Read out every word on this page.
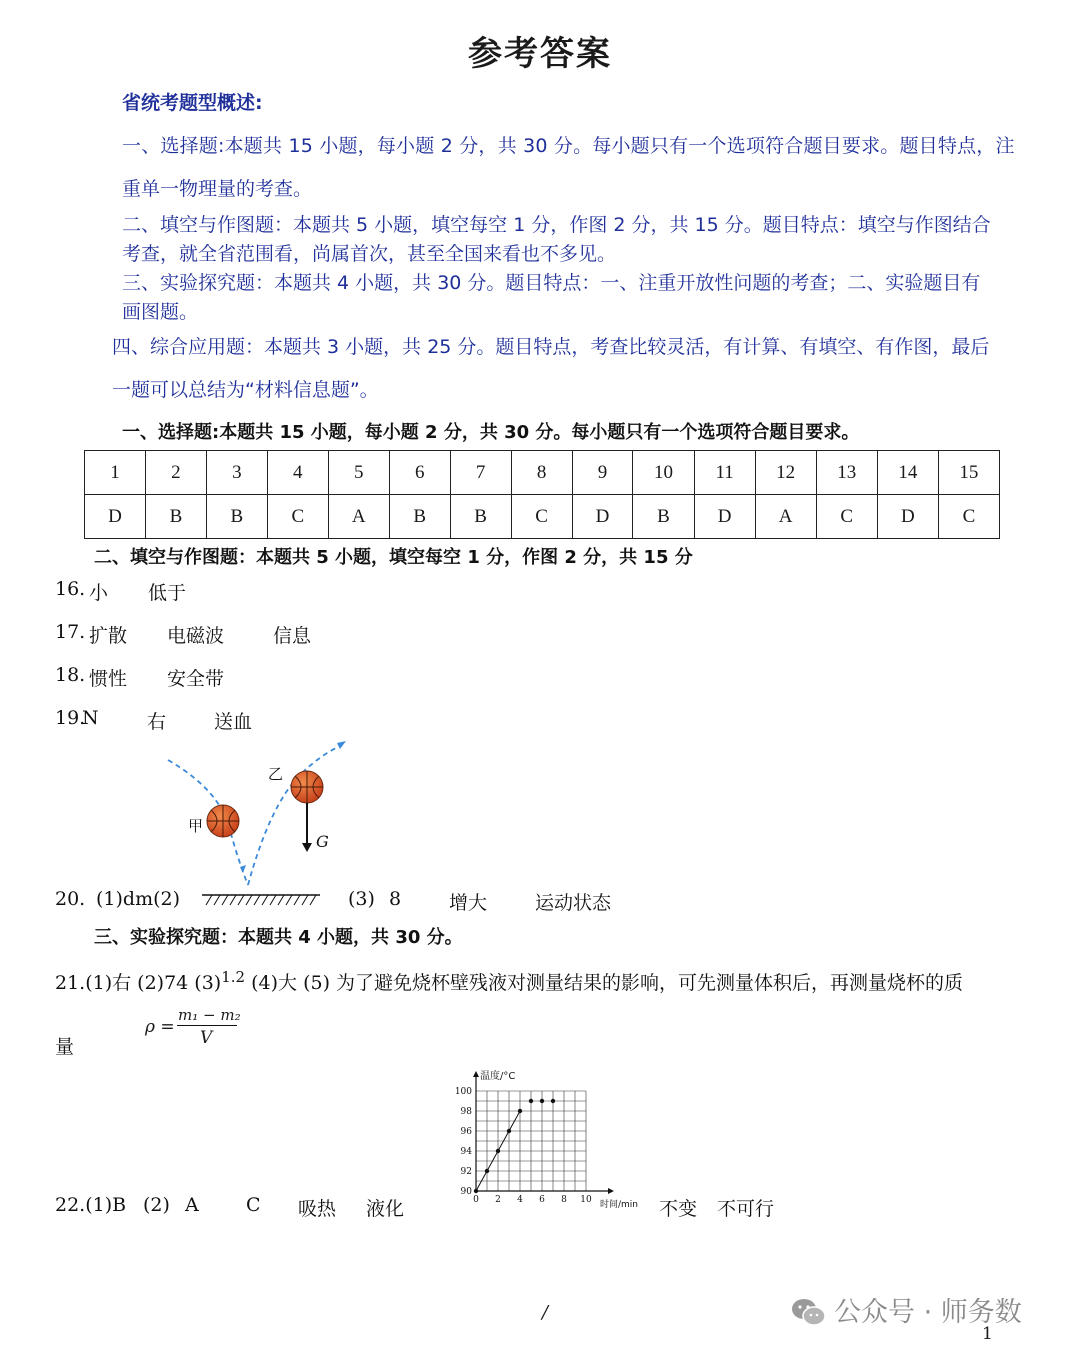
参考答案
省统考题型概述:
一、选择题:本题共 15 小题，每小题 2 分，共 30 分。每小题只有一个选项符合题目要求。题目特点，注
重单一物理量的考查。
二、填空与作图题：本题共 5 小题，填空每空 1 分，作图 2 分，共 15 分。题目特点：填空与作图结合
考查，就全省范围看，尚属首次，甚至全国来看也不多见。
三、实验探究题：本题共 4 小题，共 30 分。题目特点：一、注重开放性问题的考查；二、实验题目有
画图题。
四、综合应用题：本题共 3 小题，共 25 分。题目特点，考查比较灵活，有计算、有填空、有作图，最后
一题可以总结为“材料信息题”。
一、选择题:本题共 15 小题，每小题 2 分，共 30 分。每小题只有一个选项符合题目要求。
1	2	3	4	5	6	7	8	9	10	11	12	13	14	15
D	B	B	C	A	B	B	C	D	B	D	A	C	D	C
二、填空与作图题：本题共 5 小题，填空每空 1 分，作图 2 分，共 15 分
16. 小 低于
17. 扩散 电磁波	信息
18. 惯性 安全带
19.
N	右	送血
甲
乙
G
20. (1)dm(2)	(3) 8	增大	运动状态
三、实验探究题：本题共 4 小题，共 30 分。
21.(1)右 (2)74 $(3)^{1.2}$ (4)大 (5) 为了避免烧杯壁残液对测量结果的影响，可先测量体积后，再测量烧杯的质
量
ρ =
m₁ − m₂
V
温度/°C
时间/min
0 2 4 6 8 10
90
92
94
96
98
100
22.(1)B (2) A C 吸热 液化	不变 不可行
/	公众号 · 师务数
1
